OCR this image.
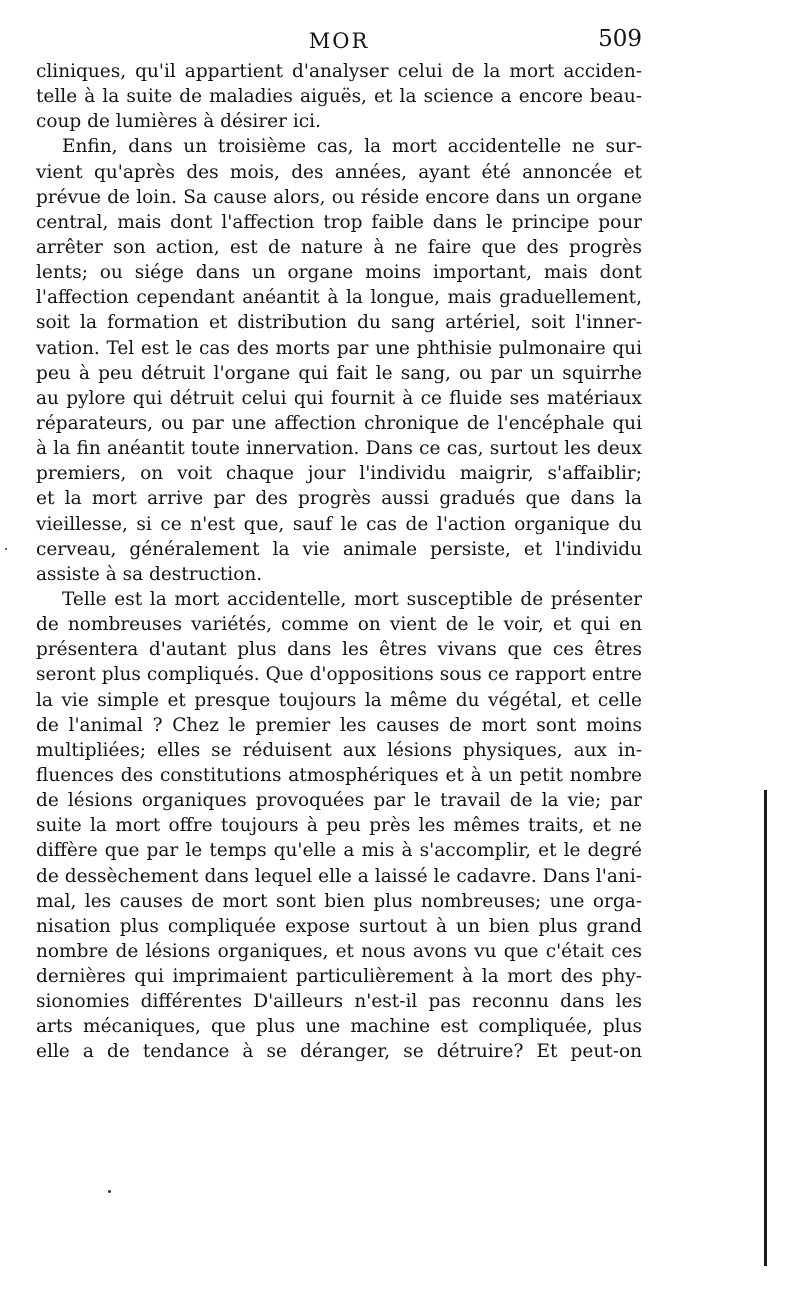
MOR	509
cliniques, qu'il appartient d'analyser celui de la mort acciden-
telle à la suite de maladies aiguës, et la science a encore beau-
coup de lumières à désirer ici.
Enfin, dans un troisième cas, la mort accidentelle ne sur-
vient qu'après des mois, des années, ayant été annoncée et
prévue de loin. Sa cause alors, ou réside encore dans un organe
central, mais dont l'affection trop faible dans le principe pour
arrêter son action, est de nature à ne faire que des progrès
lents; ou siége dans un organe moins important, mais dont
l'affection cependant anéantit à la longue, mais graduellement,
soit la formation et distribution du sang artériel, soit l'inner-
vation. Tel est le cas des morts par une phthisie pulmonaire qui
peu à peu détruit l'organe qui fait le sang, ou par un squirrhe
au pylore qui détruit celui qui fournit à ce fluide ses matériaux
réparateurs, ou par une affection chronique de l'encéphale qui
à la fin anéantit toute innervation. Dans ce cas, surtout les deux
premiers, on voit chaque jour l'individu maigrir, s'affaiblir;
et la mort arrive par des progrès aussi gradués que dans la
vieillesse, si ce n'est que, sauf le cas de l'action organique du
cerveau, généralement la vie animale persiste, et l'individu
assiste à sa destruction.
Telle est la mort accidentelle, mort susceptible de présenter
de nombreuses variétés, comme on vient de le voir, et qui en
présentera d'autant plus dans les êtres vivans que ces êtres
seront plus compliqués. Que d'oppositions sous ce rapport entre
la vie simple et presque toujours la même du végétal, et celle
de l'animal ? Chez le premier les causes de mort sont moins
multipliées; elles se réduisent aux lésions physiques, aux in-
fluences des constitutions atmosphériques et à un petit nombre
de lésions organiques provoquées par le travail de la vie; par
suite la mort offre toujours à peu près les mêmes traits, et ne
diffère que par le temps qu'elle a mis à s'accomplir, et le degré
de dessèchement dans lequel elle a laissé le cadavre. Dans l'ani-
mal, les causes de mort sont bien plus nombreuses; une orga-
nisation plus compliquée expose surtout à un bien plus grand
nombre de lésions organiques, et nous avons vu que c'était ces
dernières qui imprimaient particulièrement à la mort des phy-
sionomies différentes D'ailleurs n'est-il pas reconnu dans les
arts mécaniques, que plus une machine est compliquée, plus
elle a de tendance à se déranger, se détruire? Et peut-on
